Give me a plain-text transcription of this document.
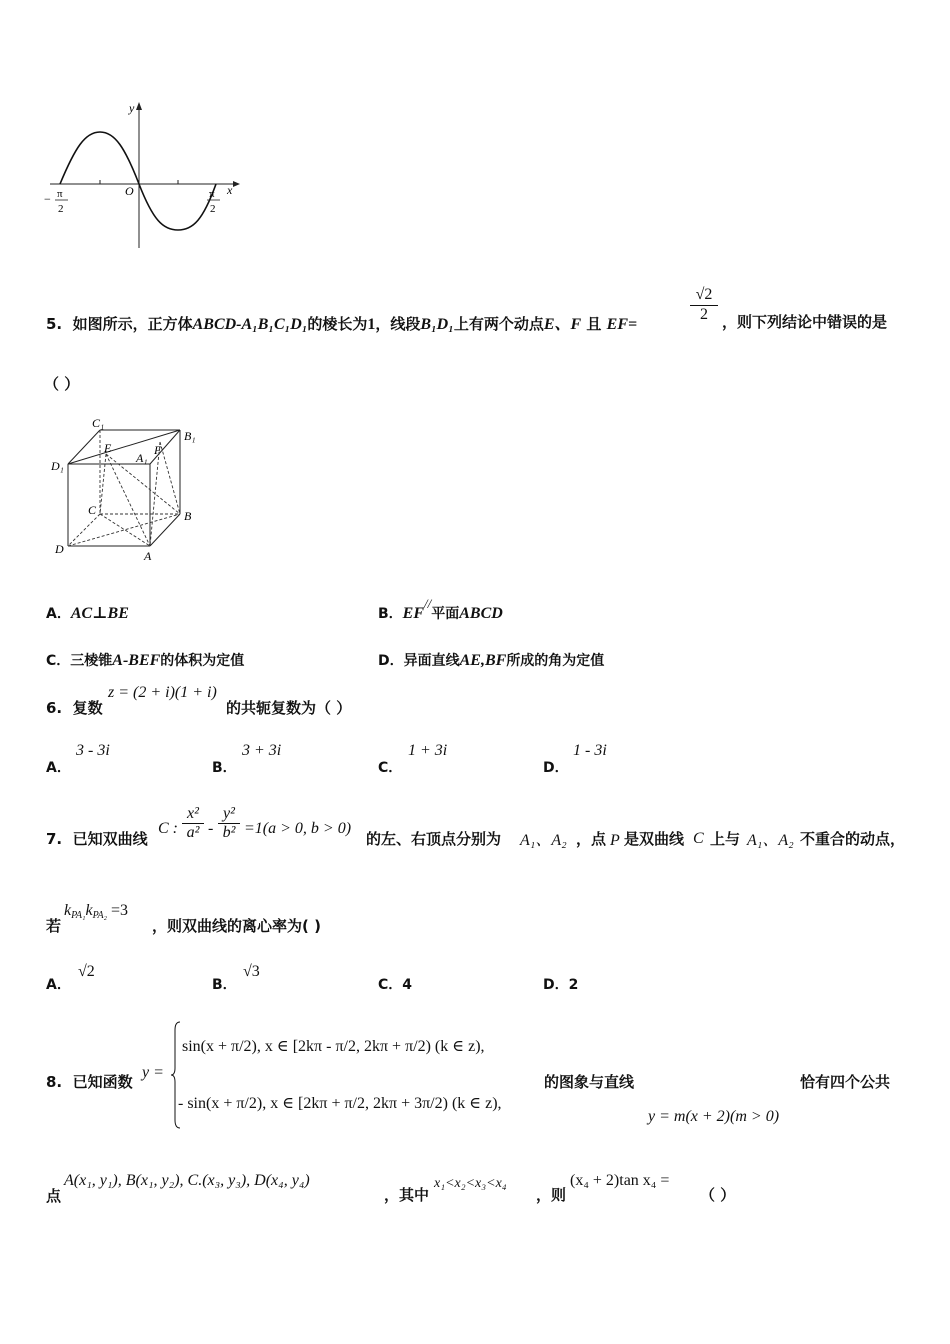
y
x
O
− π
2
π
2
5. 如图所示，正方体ABCD-A₁B₁C₁D₁的棱长为1，线段B₁D₁上有两个动点E、F 且 EF=
$\frac{√2}{2}$ ，则下列结论中错误的是
（ ）
C₁
B₁
D₁
E
A₁
F
C	B
D	A
A．AC⊥BE	B．EF//平面ABCD
C．三棱锥A-BEF的体积为定值	D．异面直线AE,BF所成的角为定值
6. 复数
z = (2 + i)(1 + i)
的共轭复数为（ ）
A．
3 - 3i
B．
3 + 3i
C．
1 + 3i
D．
1 - 3i
7. 已知双曲线
C :
x²
a² -
y²
b² =1(a > 0, b > 0)
的左、右顶点分别为 A₁、A₂ ，点 P 是双曲线 C 上与 A₁、A₂ 不重合的动点，
若
$k_{PA_1}k_{PA_2} =3$
，则双曲线的离心率为( )
A．
√2
B．
√3
C．4	D．2
8. 已知函数
y =
sin(x + π/2), x ∈ [2kπ - π/2, 2kπ + π/2) (k ∈ z),
- sin(x + π/2), x ∈ [2kπ + π/2, 2kπ + 3π/2) (k ∈ z),
的图象与直线	恰有四个公共
y = m(x + 2)(m > 0)
点
A(x₁, y₁), B(x₁, y₂), C.(x₃, y₃), D(x₄, y₄)
，其中
x₁<x₂<x₃<x₄
，则
(x₄ + 2)tan x₄ =
（ ）
